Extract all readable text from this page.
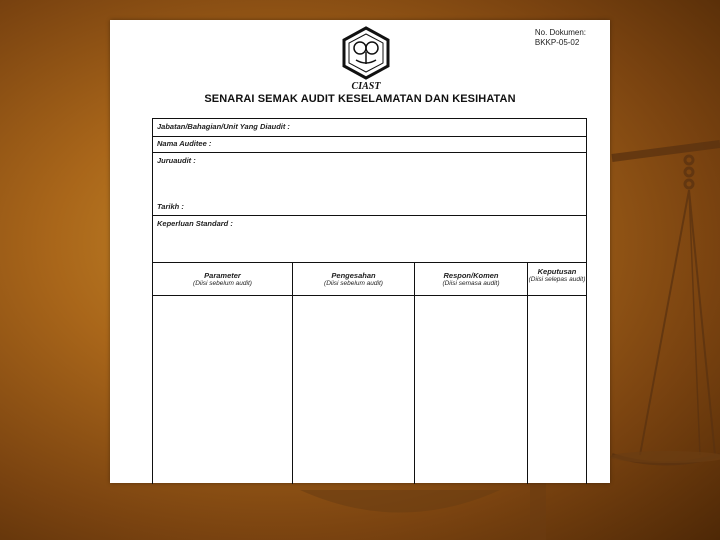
No. Dokumen:
BKKP-05-02
CIAST
SENARAI SEMAK AUDIT KESELAMATAN DAN KESIHATAN
Jabatan/Bahagian/Unit Yang Diaudit :
Nama Auditee :
Juruaudit :
Tarikh :
Keperluan Standard :
Parameter
(Diisi sebelum audit)
Pengesahan
(Diisi sebelum audit)
Respon/Komen
(Diisi semasa audit)
Keputusan
(Diisi selepas audit)
